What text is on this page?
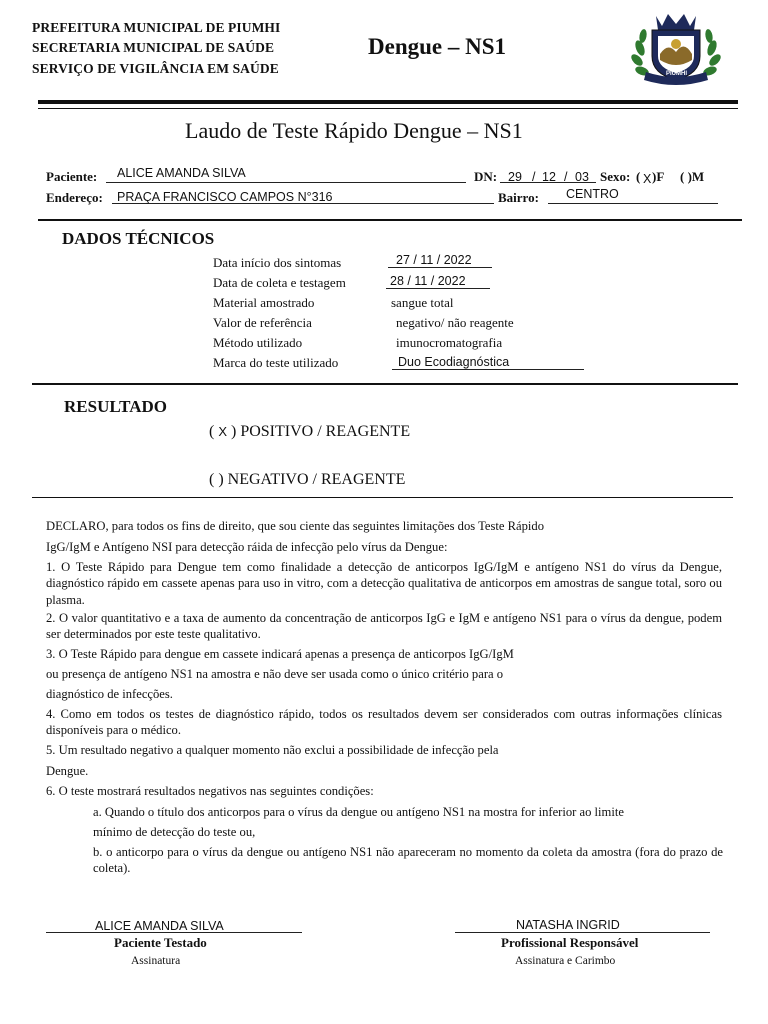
PREFEITURA MUNICIPAL DE PIUMHI
SECRETARIA MUNICIPAL DE SAÚDE
SERVIÇO DE VIGILÂNCIA EM SAÚDE
Dengue – NS1
PIUMHI
Laudo de Teste Rápido Dengue – NS1
Paciente: ALICE AMANDA SILVA	DN: 29 / 12 / 03 Sexo: ( X )F ( )M
Endereço: PRAÇA FRANCISCO CAMPOS N°316	Bairro: CENTRO
DADOS TÉCNICOS
Data início dos sintomas	27 / 11 / 2022
Data de coleta e testagem	28 / 11 / 2022
Material amostrado	sangue total
Valor de referência	negativo/ não reagente
Método utilizado	imunocromatografia
Marca do teste utilizado	Duo Ecodiagnóstica
RESULTADO
( X ) POSITIVO / REAGENTE
( ) NEGATIVO / REAGENTE
DECLARO, para todos os fins de direito, que sou ciente das seguintes limitações dos Teste Rápido
IgG/IgM e Antígeno NSI para detecção ráida de infecção pelo vírus da Dengue:
1. O Teste Rápido para Dengue tem como finalidade a detecção de anticorpos IgG/IgM e antígeno NS1 do vírus da Dengue, diagnóstico rápido em cassete apenas para uso in vitro, com a detecção qualitativa de anticorpos em amostras de sangue total, soro ou plasma.
2. O valor quantitativo e a taxa de aumento da concentração de anticorpos IgG e IgM e antígeno NS1 para o vírus da dengue, podem ser determinados por este teste qualitativo.
3. O Teste Rápido para dengue em cassete indicará apenas a presença de anticorpos IgG/IgM
ou presença de antígeno NS1 na amostra e não deve ser usada como o único critério para o
diagnóstico de infecções.
4. Como em todos os testes de diagnóstico rápido, todos os resultados devem ser considerados com outras informações clínicas disponíveis para o médico.
5. Um resultado negativo a qualquer momento não exclui a possibilidade de infecção pela
Dengue.
6. O teste mostrará resultados negativos nas seguintes condições:
a. Quando o título dos anticorpos para o vírus da dengue ou antígeno NS1 na mostra for inferior ao limite
mínimo de detecção do teste ou,
b. o anticorpo para o vírus da dengue ou antígeno NS1 não apareceram no momento da coleta da amostra (fora do prazo de coleta).
ALICE AMANDA SILVA
Paciente Testado
Assinatura
NATASHA INGRID
Profissional Responsável
Assinatura e Carimbo
